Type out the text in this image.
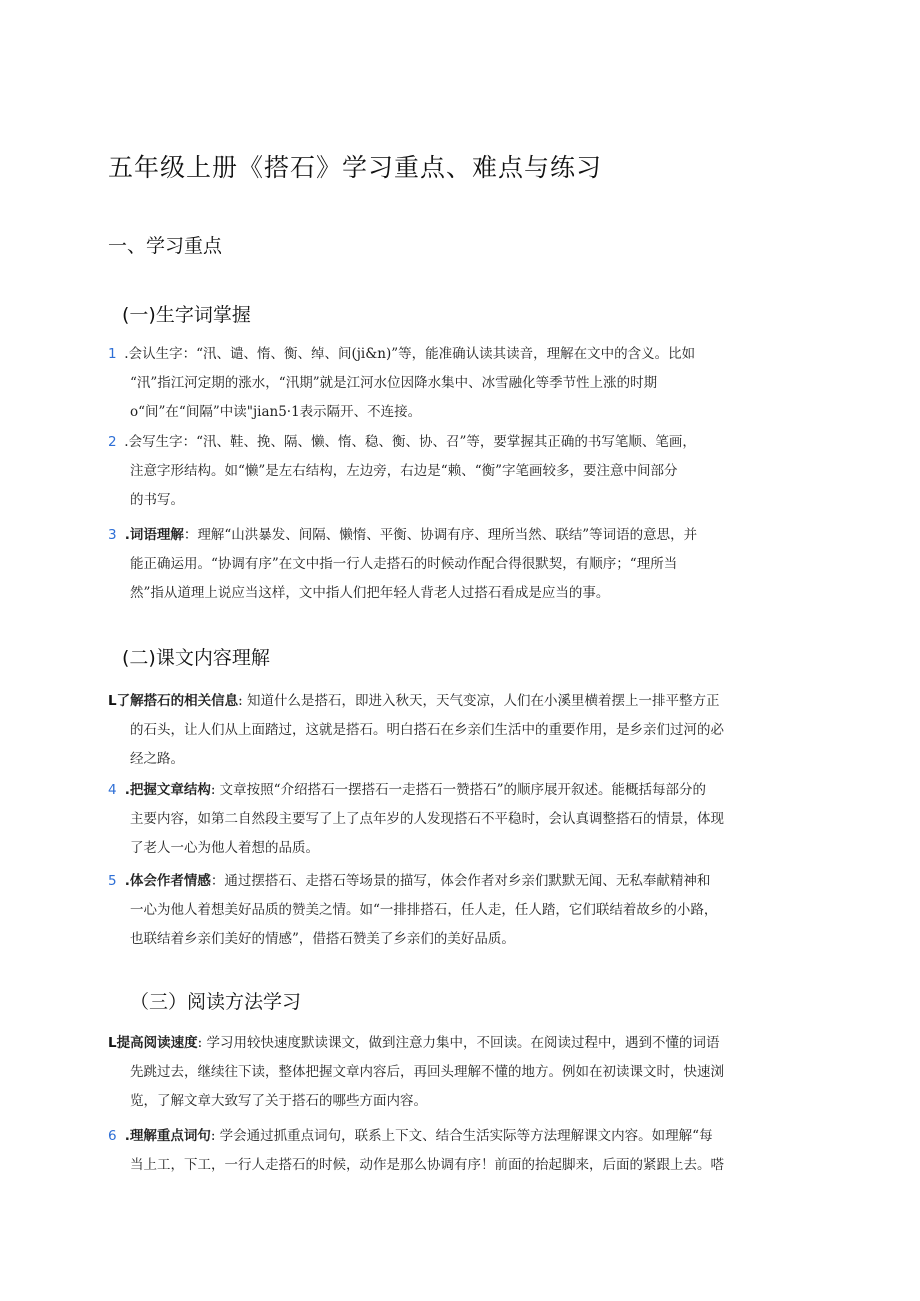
五年级上册《搭石》学习重点、难点与练习
一、学习重点
(一)生字词掌握
1 .会认生字：“汛、谴、惰、衡、绰、间(ji&n)”等，能准确认读其读音，理解在文中的含义。比如
“汛”指江河定期的涨水，“汛期”就是江河水位因降水集中、冰雪融化等季节性上涨的时期
o“间”在“间隔”中读"jian5·1表示隔开、不连接。
2 .会写生字：“汛、鞋、挽、隔、懒、惰、稳、衡、协、召”等，要掌握其正确的书写笔顺、笔画，
注意字形结构。如“懒”是左右结构，左边旁，右边是“赖、“衡”字笔画较多，要注意中间部分
的书写。
3 .词语理解：理解“山洪暴发、间隔、懒惰、平衡、协调有序、理所当然、联结”等词语的意思，并
能正确运用。“协调有序”在文中指一行人走搭石的时候动作配合得很默契，有顺序；“理所当
然”指从道理上说应当这样，文中指人们把年轻人背老人过搭石看成是应当的事。
(二)课文内容理解
L了解搭石的相关信息: 知道什么是搭石，即进入秋天，天气变凉，人们在小溪里横着摆上一排平整方正
的石头，让人们从上面踏过，这就是搭石。明白搭石在乡亲们生活中的重要作用，是乡亲们过河的必
经之路。
4 .把握文章结构: 文章按照“介绍搭石一摆搭石一走搭石一赞搭石”的顺序展开叙述。能概括每部分的
主要内容，如第二自然段主要写了上了点年岁的人发现搭石不平稳时，会认真调整搭石的情景，体现
了老人一心为他人着想的品质。
5 .体会作者情感：通过摆搭石、走搭石等场景的描写，体会作者对乡亲们默默无闻、无私奉献精神和
一心为他人着想美好品质的赞美之情。如“一排排搭石，任人走，任人踏，它们联结着故乡的小路，
也联结着乡亲们美好的情感”，借搭石赞美了乡亲们的美好品质。
（三）阅读方法学习
L提高阅读速度: 学习用较快速度默读课文，做到注意力集中，不回读。在阅读过程中，遇到不懂的词语
先跳过去，继续往下读，整体把握文章内容后，再回头理解不懂的地方。例如在初读课文时，快速浏
览，了解文章大致写了关于搭石的哪些方面内容。
6 .理解重点词句: 学会通过抓重点词句，联系上下文、结合生活实际等方法理解课文内容。如理解“每
当上工，下工，一行人走搭石的时候，动作是那么协调有序！前面的抬起脚来，后面的紧跟上去。嗒
